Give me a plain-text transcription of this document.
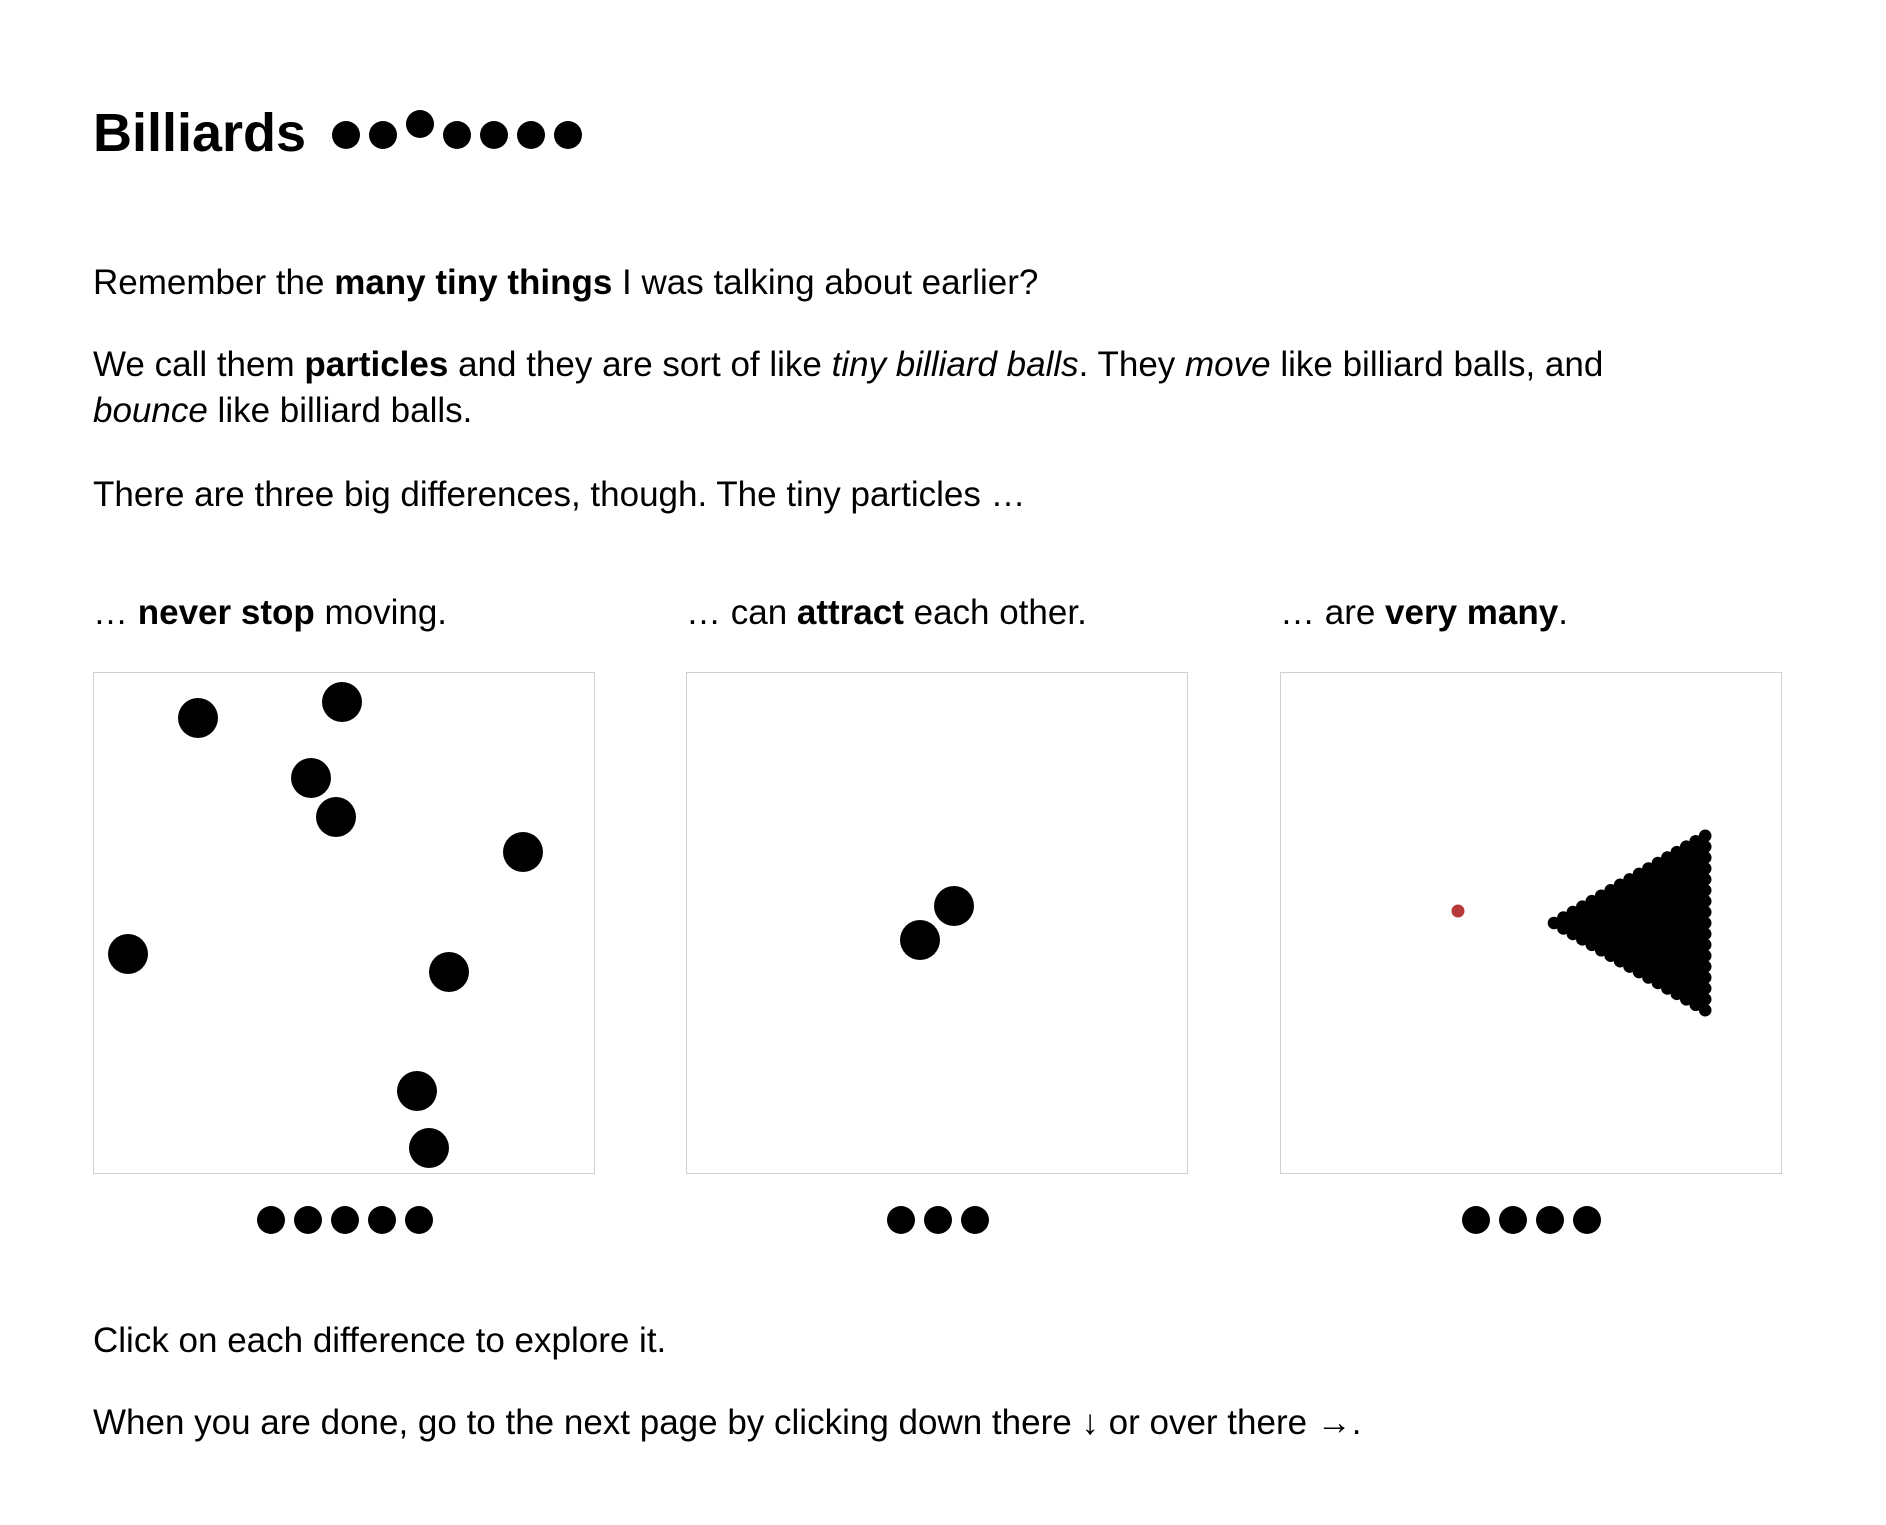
Billiards

Remember the many tiny things I was talking about earlier?

We call them particles and they are sort of like tiny billiard balls. They move like billiard balls, and
bounce like billiard balls.

There are three big differences, though. The tiny particles …

… never stop moving.	… can attract each other.	… are very many.

Click on each difference to explore it.

When you are done, go to the next page by clicking down there ↓ or over there →.
